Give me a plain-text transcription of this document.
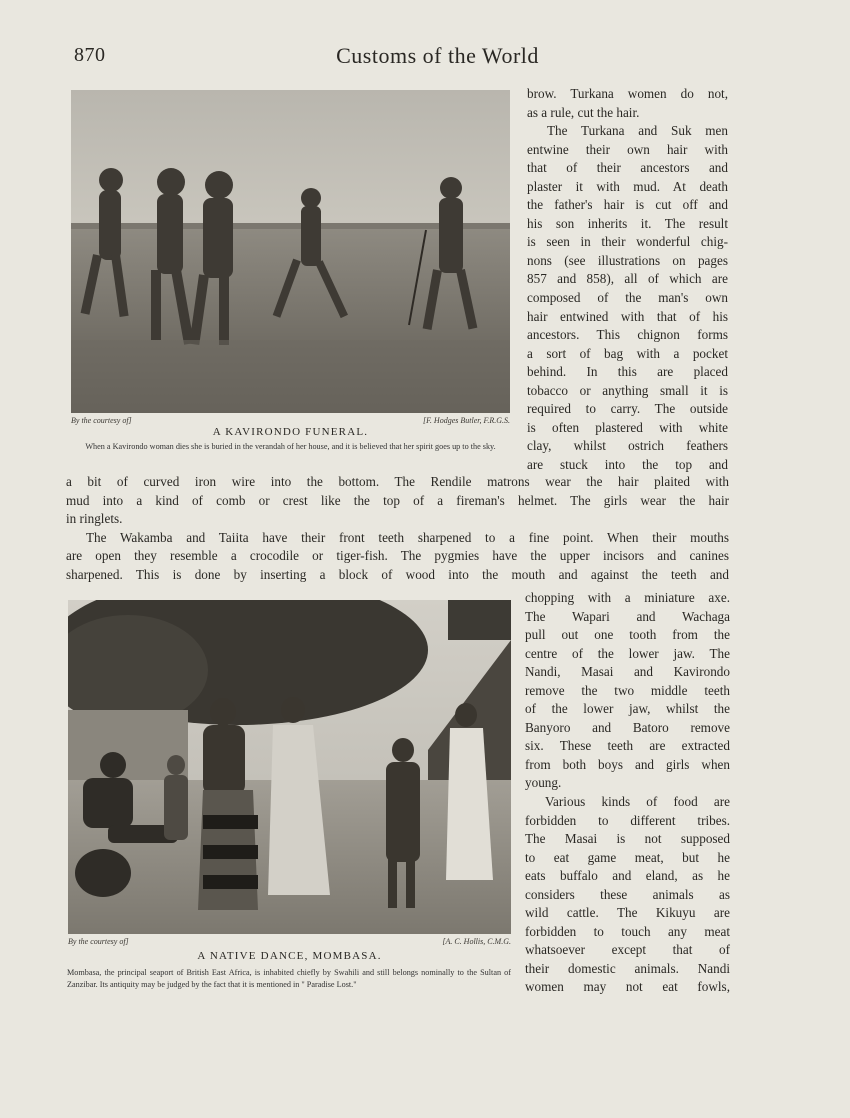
870	Customs of the World
By the courtesy of]	[F. Hodges Butler, F.R.G.S.
A KAVIRONDO FUNERAL.
When a Kavirondo woman dies she is buried in the verandah of her house, and it is believed that her spirit goes up to the sky.
brow. Turkana women do not,
as a rule, cut the hair.
The Turkana and Suk men
entwine their own hair with
that of their ancestors and
plaster it with mud. At death
the father's hair is cut off and
his son inherits it. The result
is seen in their wonderful chig-
nons (see illustrations on pages
857 and 858), all of which are
composed of the man's own
hair entwined with that of his
ancestors. This chignon forms
a sort of bag with a pocket
behind. In this are placed
tobacco or anything small it is
required to carry. The outside
is often plastered with white
clay, whilst ostrich feathers
are stuck into the top and
a bit of curved iron wire into the bottom. The Rendile matrons wear the hair plaited with
mud into a kind of comb or crest like the top of a fireman's helmet. The girls wear the hair
in ringlets.
The Wakamba and Taiita have their front teeth sharpened to a fine point. When their mouths
are open they resemble a crocodile or tiger-fish. The pygmies have the upper incisors and canines
sharpened. This is done by inserting a block of wood into the mouth and against the teeth and
By the courtesy of]	[A. C. Hollis, C.M.G.
A NATIVE DANCE, MOMBASA.
Mombasa, the principal seaport of British East Africa, is inhabited chiefly by Swahili and still belongs nominally to the Sultan of Zanzibar. Its antiquity may be judged by the fact that it is mentioned in " Paradise Lost."
chopping with a miniature axe.
The Wapari and Wachaga
pull out one tooth from the
centre of the lower jaw. The
Nandi, Masai and Kavirondo
remove the two middle teeth
of the lower jaw, whilst the
Banyoro and Batoro remove
six. These teeth are extracted
from both boys and girls when
young.
Various kinds of food are
forbidden to different tribes.
The Masai is not supposed
to eat game meat, but he
eats buffalo and eland, as he
considers these animals as
wild cattle. The Kikuyu are
forbidden to touch any meat
whatsoever except that of
their domestic animals. Nandi
women may not eat fowls,
